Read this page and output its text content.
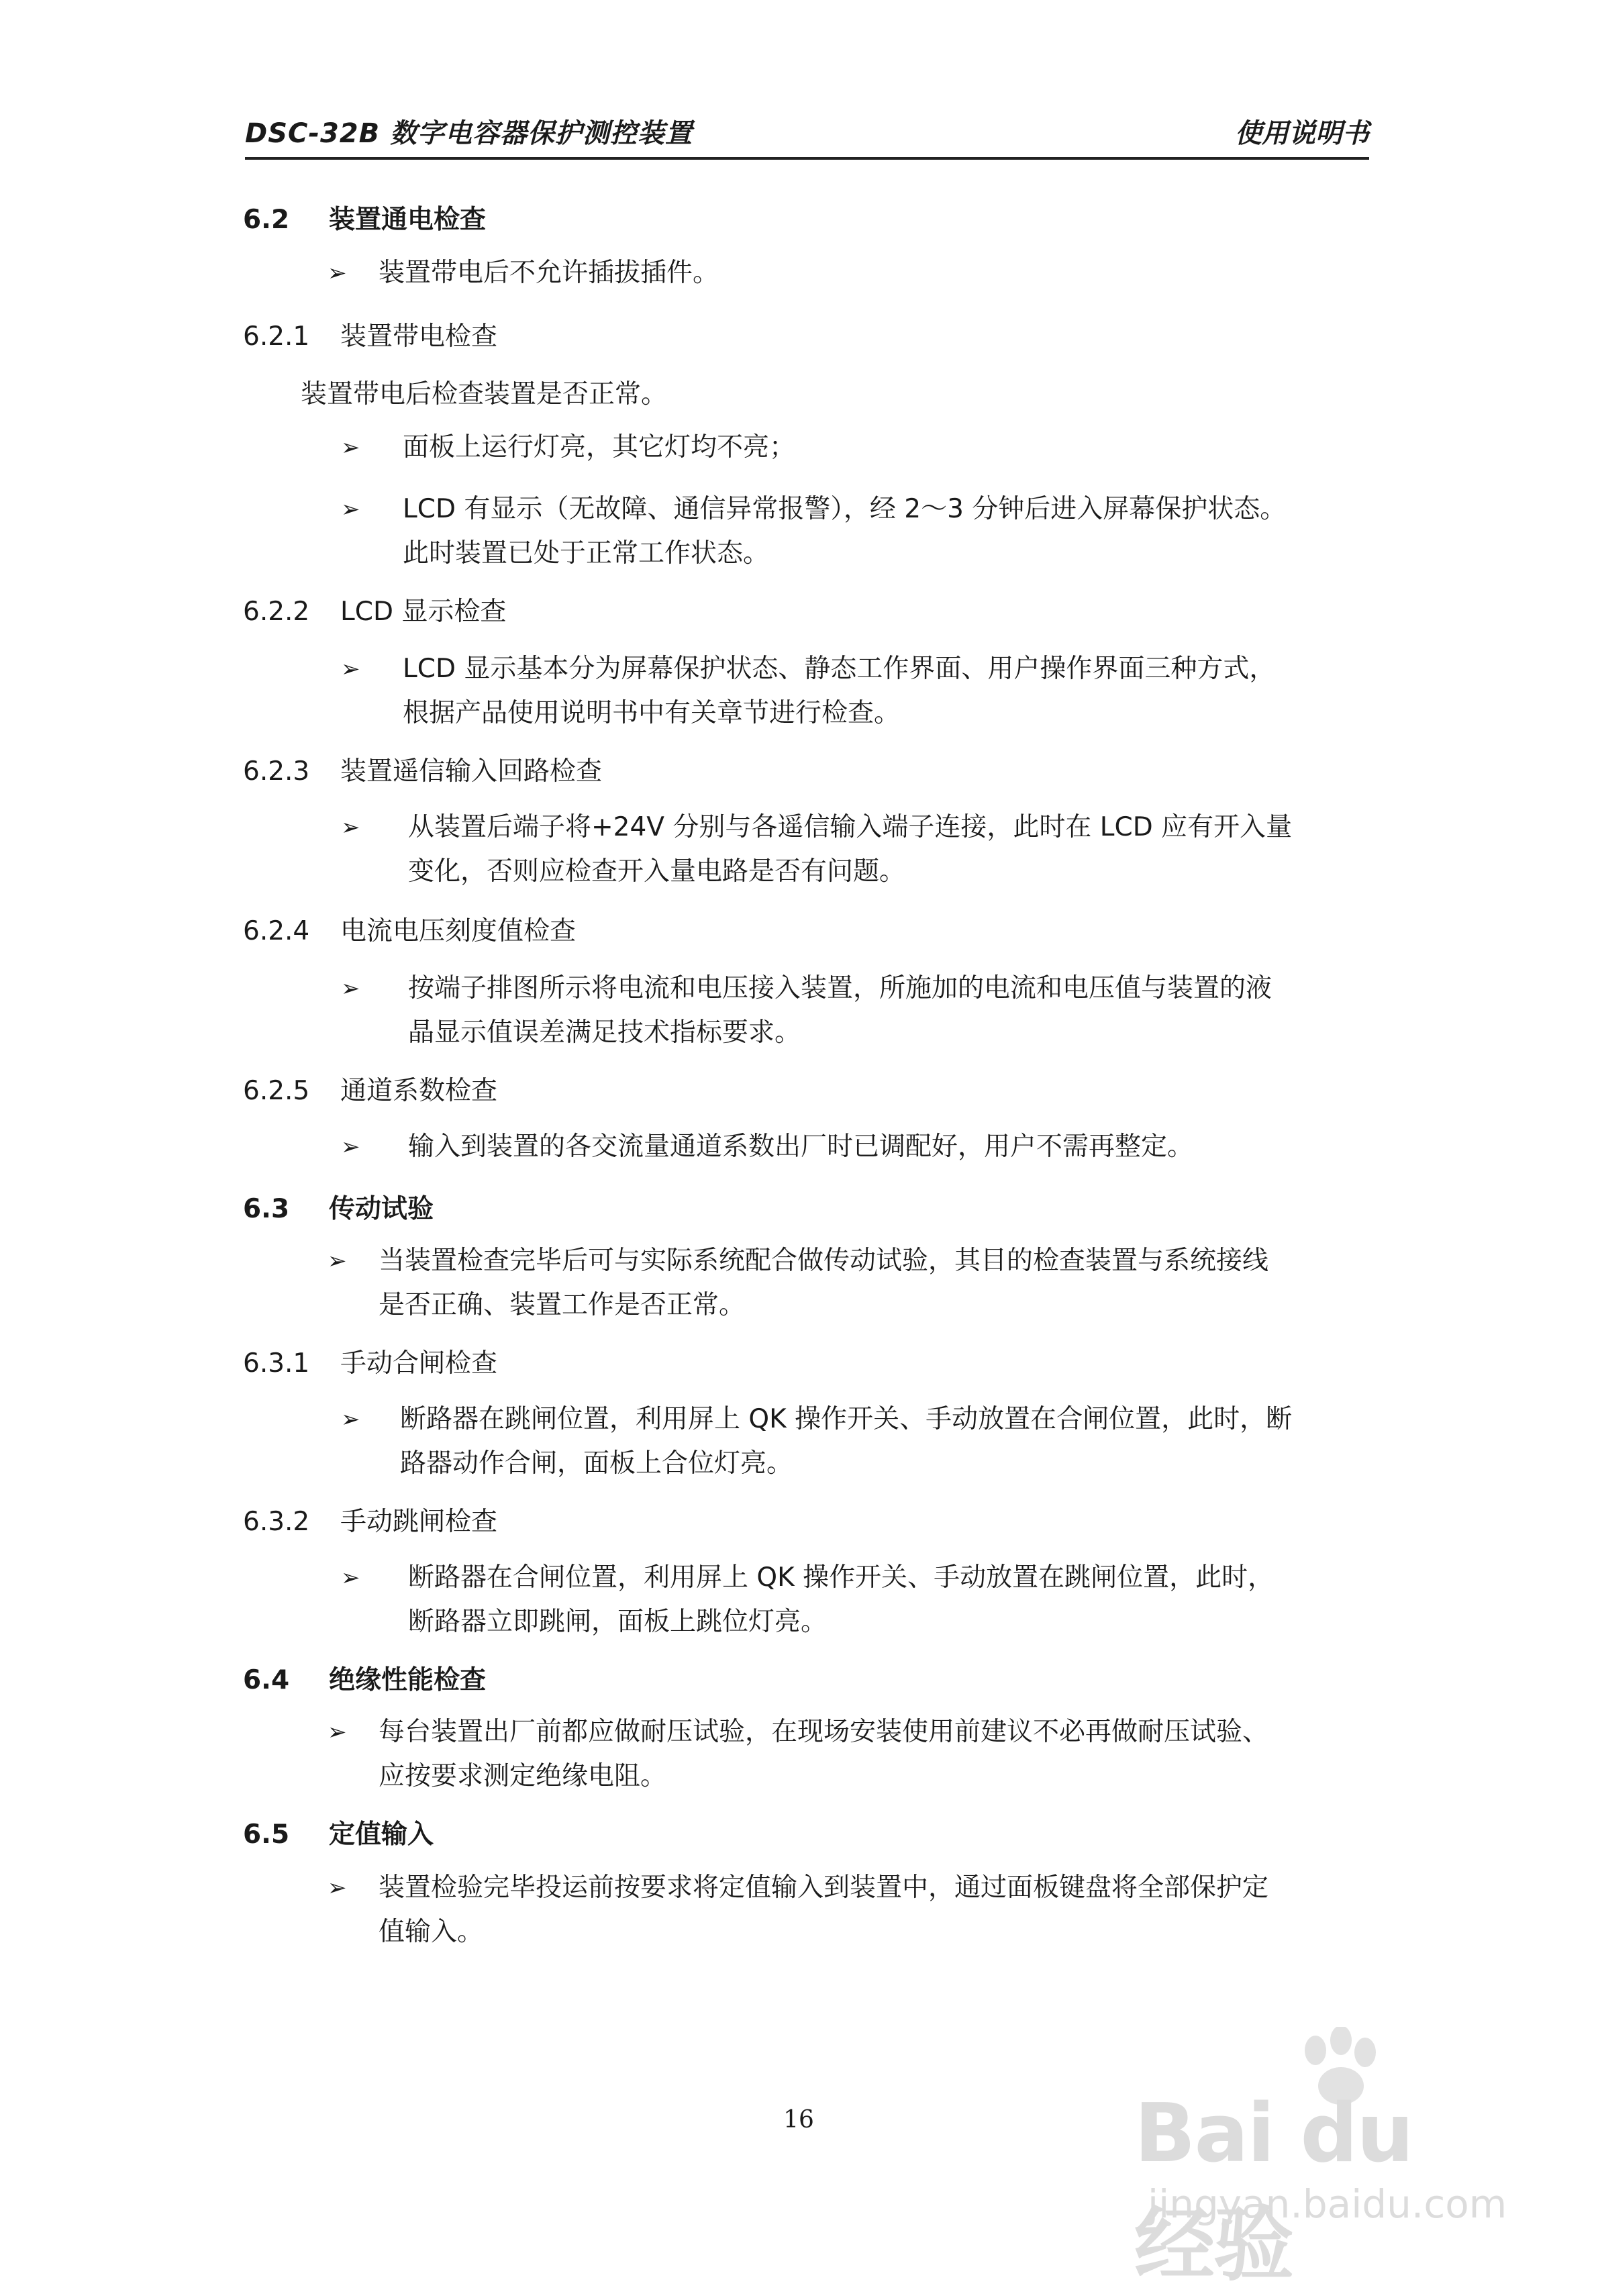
DSC-32B 数字电容器保护测控装置	使用说明书
6.2 装置通电检查
➢ 装置带电后不允许插拔插件。
6.2.1 装置带电检查
装置带电后检查装置是否正常。
➢ 面板上运行灯亮，其它灯均不亮；
➢ LCD 有显示（无故障、通信异常报警），经 2～3 分钟后进入屏幕保护状态。
此时装置已处于正常工作状态。
6.2.2 LCD 显示检查
➢ LCD 显示基本分为屏幕保护状态、静态工作界面、用户操作界面三种方式，
根据产品使用说明书中有关章节进行检查。
6.2.3 装置遥信输入回路检查
➢ 从装置后端子将+24V 分别与各遥信输入端子连接，此时在 LCD 应有开入量
变化，否则应检查开入量电路是否有问题。
6.2.4 电流电压刻度值检查
➢ 按端子排图所示将电流和电压接入装置，所施加的电流和电压值与装置的液
晶显示值误差满足技术指标要求。
6.2.5 通道系数检查
➢ 输入到装置的各交流量通道系数出厂时已调配好，用户不需再整定。
6.3 传动试验
➢ 当装置检查完毕后可与实际系统配合做传动试验，其目的检查装置与系统接线
是否正确、装置工作是否正常。
6.3.1 手动合闸检查
➢ 断路器在跳闸位置，利用屏上 QK 操作开关、手动放置在合闸位置，此时，断
路器动作合闸，面板上合位灯亮。
6.3.2 手动跳闸检查
➢ 断路器在合闸位置，利用屏上 QK 操作开关、手动放置在跳闸位置，此时，
断路器立即跳闸，面板上跳位灯亮。
6.4 绝缘性能检查
➢ 每台装置出厂前都应做耐压试验，在现场安装使用前建议不必再做耐压试验、
应按要求测定绝缘电阻。
6.5 定值输入
➢ 装置检验完毕投运前按要求将定值输入到装置中，通过面板键盘将全部保护定
值输入。
16	Bai du 经验
jingyan.baidu.com
